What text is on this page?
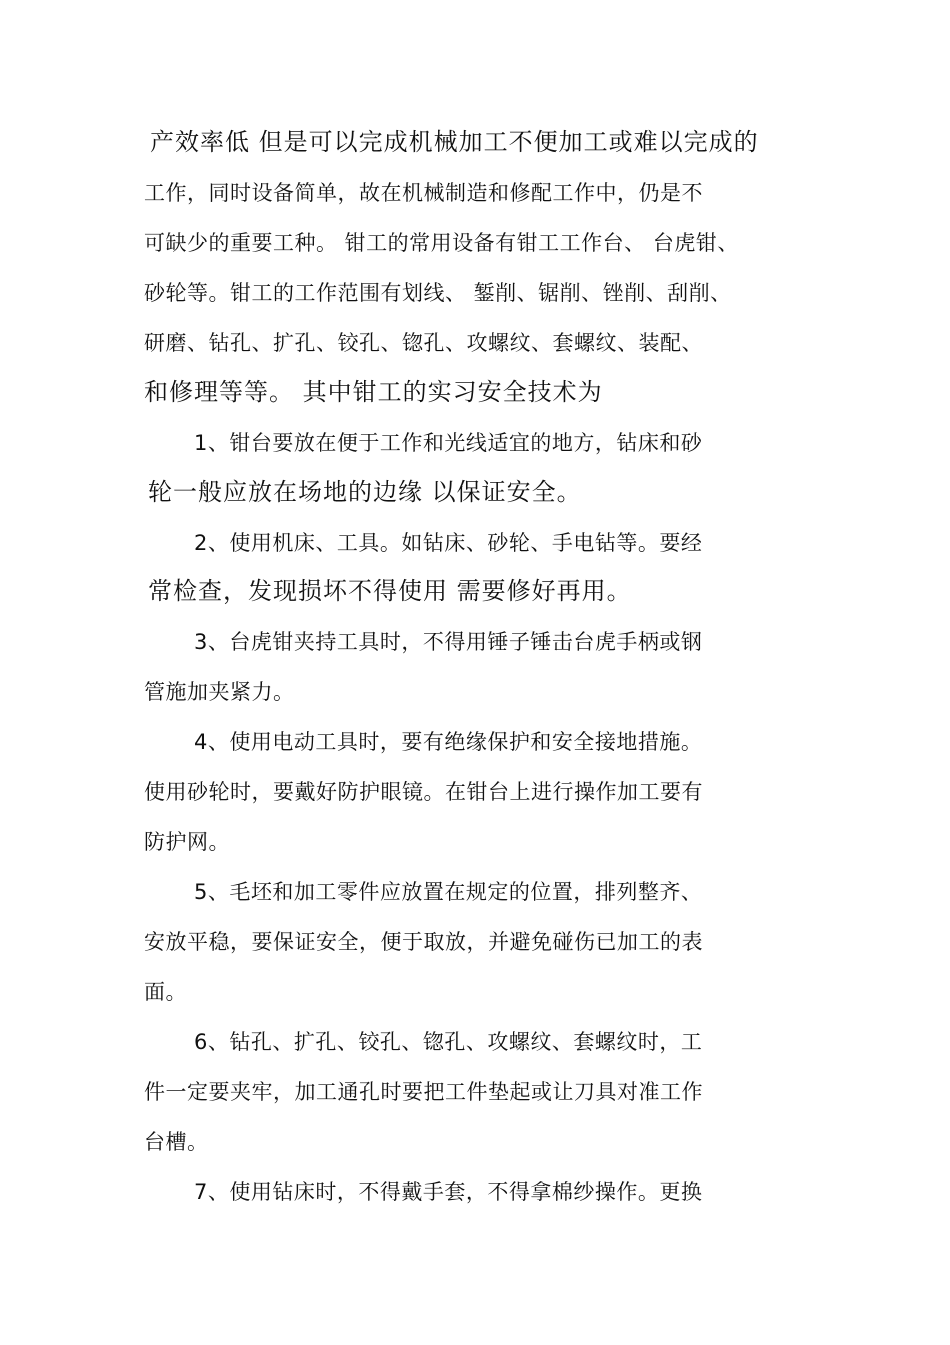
产效率低 但是可以完成机械加工不便加工或难以完成的
工作，同时设备简单，故在机械制造和修配工作中，仍是不
可缺少的重要工种。 钳工的常用设备有钳工工作台、 台虎钳、
砂轮等。钳工的工作范围有划线、 錾削、锯削、锉削、刮削、
研磨、钻孔、扩孔、铰孔、锪孔、攻螺纹、套螺纹、装配、
和修理等等。 其中钳工的实习安全技术为
1、钳台要放在便于工作和光线适宜的地方，钻床和砂
轮一般应放在场地的边缘 以保证安全。
2、使用机床、工具。如钻床、砂轮、手电钻等。要经
常检查，发现损坏不得使用 需要修好再用。
3、台虎钳夹持工具时，不得用锤子锤击台虎手柄或钢
管施加夹紧力。
4、使用电动工具时，要有绝缘保护和安全接地措施。
使用砂轮时，要戴好防护眼镜。在钳台上进行操作加工要有
防护网。
5、毛坯和加工零件应放置在规定的位置，排列整齐、
安放平稳，要保证安全，便于取放，并避免碰伤已加工的表
面。
6、钻孔、扩孔、铰孔、锪孔、攻螺纹、套螺纹时，工
件一定要夹牢，加工通孔时要把工件垫起或让刀具对准工作
台槽。
7、使用钻床时，不得戴手套，不得拿棉纱操作。更换
